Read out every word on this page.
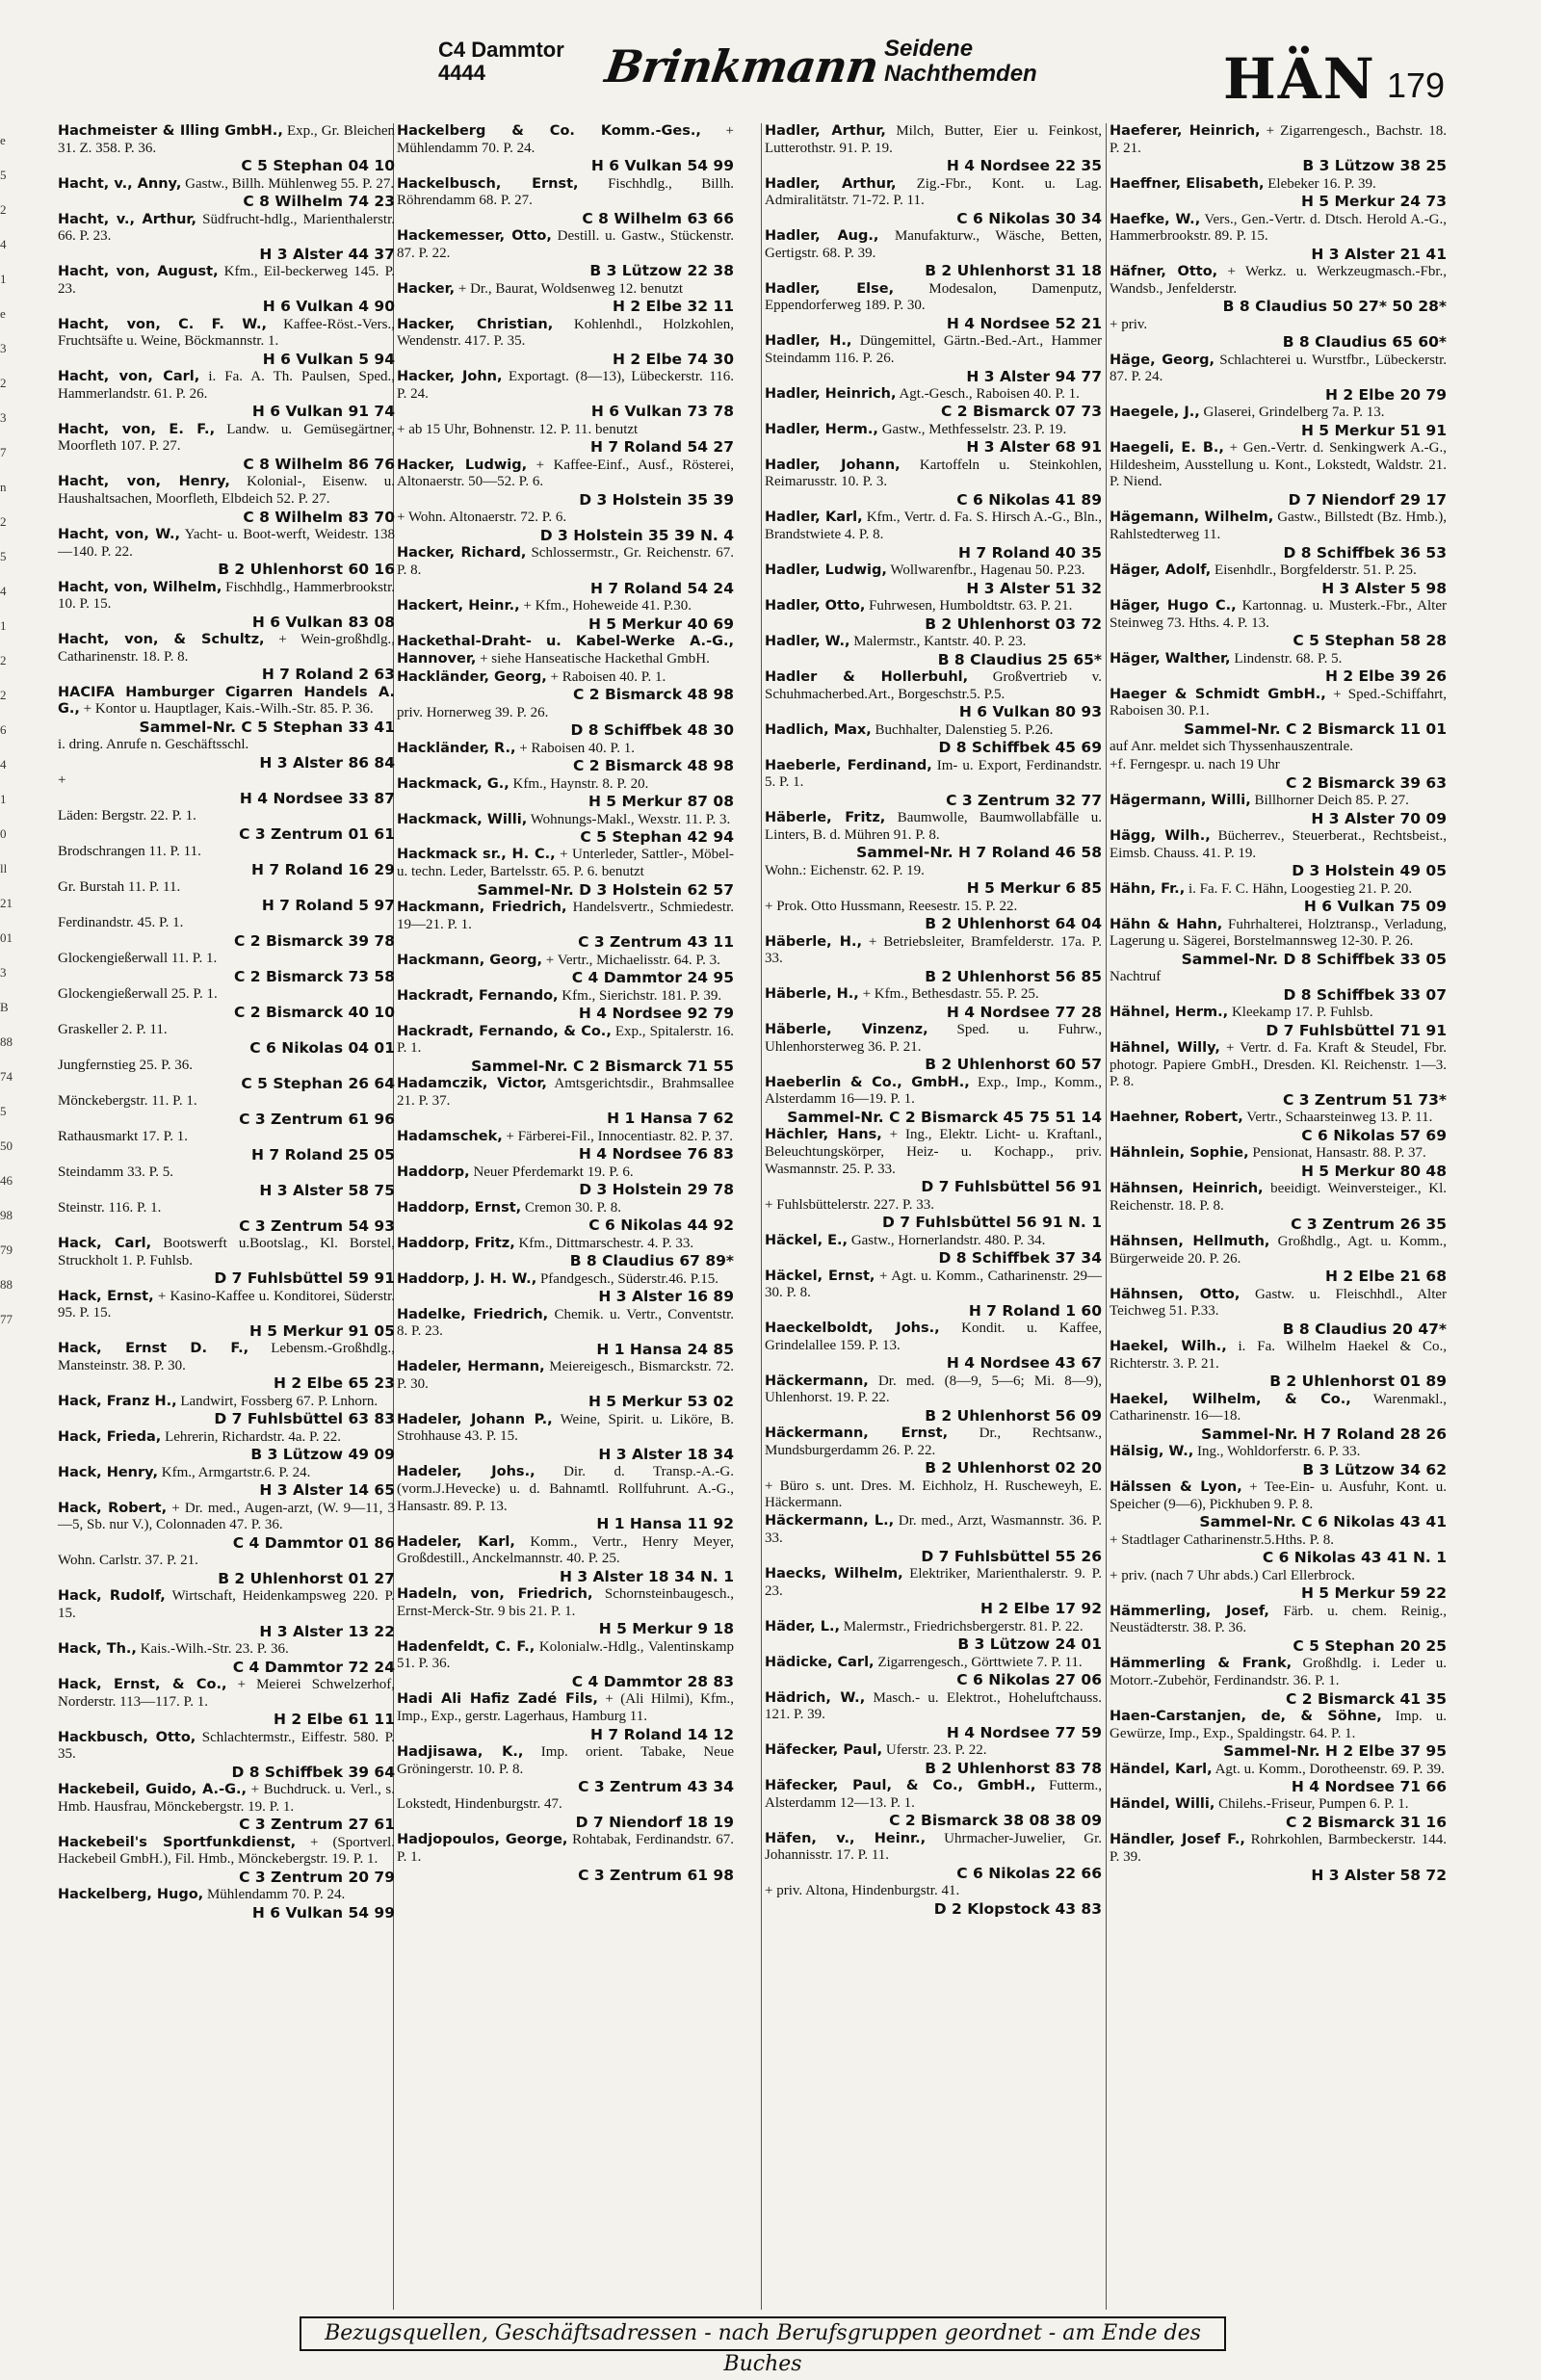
C4 Dammtor
4444	Brinkmann Seidene
Nachthemden	HÄN 179
e
5
2
4
1
e
3
2
3
7
n
2
5
4
1
2
2
6
4
1
0
ll
21
01
3
B
88
74
5
50
46
98
79
88
77
Hachmeister & Illing GmbH., Exp., Gr. Bleichen 31. Z. 358. P. 36.
C 5 Stephan 04 10
Hacht, v., Anny, Gastw., Billh. Mühlenweg 55. P. 27.
C 8 Wilhelm 74 23
Hacht, v., Arthur, Südfrucht-hdlg., Marienthalerstr. 66. P. 23.
H 3 Alster 44 37
Hacht, von, August, Kfm., Eil-beckerweg 145. P. 23.
H 6 Vulkan 4 90
Hacht, von, C. F. W., Kaffee-Röst.-Vers., Fruchtsäfte u. Weine, Böckmannstr. 1.
H 6 Vulkan 5 94
Hacht, von, Carl, i. Fa. A. Th. Paulsen, Sped., Hammerlandstr. 61. P. 26.
H 6 Vulkan 91 74
Hacht, von, E. F., Landw. u. Gemüsegärtner, Moorfleth 107. P. 27.
C 8 Wilhelm 86 76
Hacht, von, Henry, Kolonial-, Eisenw. u. Haushaltsachen, Moorfleth, Elbdeich 52. P. 27.
C 8 Wilhelm 83 70
Hacht, von, W., Yacht- u. Boot-werft, Weidestr. 138—140. P. 22.
B 2 Uhlenhorst 60 16
Hacht, von, Wilhelm, Fischhdlg., Hammerbrookstr. 10. P. 15.
H 6 Vulkan 83 08
Hacht, von, & Schultz, + Wein-großhdlg., Catharinenstr. 18. P. 8.
H 7 Roland 2 63
HACIFA Hamburger Cigarren Handels A. G., + Kontor u. Hauptlager, Kais.-Wilh.-Str. 85. P. 36.
Sammel-Nr. C 5 Stephan 33 41
i. dring. Anrufe n. Geschäftsschl.
H 3 Alster 86 84
+
H 4 Nordsee 33 87
Läden: Bergstr. 22. P. 1.
C 3 Zentrum 01 61
Brodschrangen 11. P. 11.
H 7 Roland 16 29
Gr. Burstah 11. P. 11.
H 7 Roland 5 97
Ferdinandstr. 45. P. 1.
C 2 Bismarck 39 78
Glockengießerwall 11. P. 1.
C 2 Bismarck 73 58
Glockengießerwall 25. P. 1.
C 2 Bismarck 40 10
Graskeller 2. P. 11.
C 6 Nikolas 04 01
Jungfernstieg 25. P. 36.
C 5 Stephan 26 64
Mönckebergstr. 11. P. 1.
C 3 Zentrum 61 96
Rathausmarkt 17. P. 1.
H 7 Roland 25 05
Steindamm 33. P. 5.
H 3 Alster 58 75
Steinstr. 116. P. 1.
C 3 Zentrum 54 93
Hack, Carl, Bootswerft u.Bootslag., Kl. Borstel, Struckholt 1. P. Fuhlsb.
D 7 Fuhlsbüttel 59 91
Hack, Ernst, + Kasino-Kaffee u. Konditorei, Süderstr. 95. P. 15.
H 5 Merkur 91 05
Hack, Ernst D. F., Lebensm.-Großhdlg., Mansteinstr. 38. P. 30.
H 2 Elbe 65 23
Hack, Franz H., Landwirt, Fossberg 67. P. Lnhorn.
D 7 Fuhlsbüttel 63 83
Hack, Frieda, Lehrerin, Richardstr. 4a. P. 22.
B 3 Lützow 49 09
Hack, Henry, Kfm., Armgartstr.6. P. 24.
H 3 Alster 14 65
Hack, Robert, + Dr. med., Augen-arzt, (W. 9—11, 3—5, Sb. nur V.), Colonnaden 47. P. 36.
C 4 Dammtor 01 86
Wohn. Carlstr. 37. P. 21.
B 2 Uhlenhorst 01 27
Hack, Rudolf, Wirtschaft, Heidenkampsweg 220. P. 15.
H 3 Alster 13 22
Hack, Th., Kais.-Wilh.-Str. 23. P. 36.
C 4 Dammtor 72 24
Hack, Ernst, & Co., + Meierei Schwelzerhof, Norderstr. 113—117. P. 1.
H 2 Elbe 61 11
Hackbusch, Otto, Schlachtermstr., Eiffestr. 580. P. 35.
D 8 Schiffbek 39 64
Hackebeil, Guido, A.-G., + Buchdruck. u. Verl., s. Hmb. Hausfrau, Mönckebergstr. 19. P. 1.
C 3 Zentrum 27 61
Hackebeil's Sportfunkdienst, + (Sportverl. Hackebeil GmbH.), Fil. Hmb., Mönckebergstr. 19. P. 1.
C 3 Zentrum 20 79
Hackelberg, Hugo, Mühlendamm 70. P. 24.
H 6 Vulkan 54 99
Hackelberg & Co. Komm.-Ges., + Mühlendamm 70. P. 24.
H 6 Vulkan 54 99
Hackelbusch, Ernst, Fischhdlg., Billh. Röhrendamm 68. P. 27.
C 8 Wilhelm 63 66
Hackemesser, Otto, Destill. u. Gastw., Stückenstr. 87. P. 22.
B 3 Lützow 22 38
Hacker, + Dr., Baurat, Woldsenweg 12. benutzt
H 2 Elbe 32 11
Hacker, Christian, Kohlenhdl., Holzkohlen, Wendenstr. 417. P. 35.
H 2 Elbe 74 30
Hacker, John, Exportagt. (8—13), Lübeckerstr. 116. P. 24.
H 6 Vulkan 73 78
+ ab 15 Uhr, Bohnenstr. 12. P. 11. benutzt
H 7 Roland 54 27
Hacker, Ludwig, + Kaffee-Einf., Ausf., Rösterei, Altonaerstr. 50—52. P. 6.
D 3 Holstein 35 39
+ Wohn. Altonaerstr. 72. P. 6.
D 3 Holstein 35 39 N. 4
Hacker, Richard, Schlossermstr., Gr. Reichenstr. 67. P. 8.
H 7 Roland 54 24
Hackert, Heinr., + Kfm., Hoheweide 41. P.30.
H 5 Merkur 40 69
Hackethal-Draht- u. Kabel-Werke A.-G., Hannover, + siehe Hanseatische Hackethal GmbH.
Hackländer, Georg, + Raboisen 40. P. 1.
C 2 Bismarck 48 98
priv. Hornerweg 39. P. 26.
D 8 Schiffbek 48 30
Hackländer, R., + Raboisen 40. P. 1.
C 2 Bismarck 48 98
Hackmack, G., Kfm., Haynstr. 8. P. 20.
H 5 Merkur 87 08
Hackmack, Willi, Wohnungs-Makl., Wexstr. 11. P. 3.
C 5 Stephan 42 94
Hackmack sr., H. C., + Unterleder, Sattler-, Möbel- u. techn. Leder, Bartelsstr. 65. P. 6. benutzt
Sammel-Nr. D 3 Holstein 62 57
Hackmann, Friedrich, Handelsvertr., Schmiedestr. 19—21. P. 1.
C 3 Zentrum 43 11
Hackmann, Georg, + Vertr., Michaelisstr. 64. P. 3.
C 4 Dammtor 24 95
Hackradt, Fernando, Kfm., Sierichstr. 181. P. 39.
H 4 Nordsee 92 79
Hackradt, Fernando, & Co., Exp., Spitalerstr. 16. P. 1.
Sammel-Nr. C 2 Bismarck 71 55
Hadamczik, Victor, Amtsgerichtsdir., Brahmsallee 21. P. 37.
H 1 Hansa 7 62
Hadamschek, + Färberei-Fil., Innocentiastr. 82. P. 37.
H 4 Nordsee 76 83
Haddorp, Neuer Pferdemarkt 19. P. 6.
D 3 Holstein 29 78
Haddorp, Ernst, Cremon 30. P. 8.
C 6 Nikolas 44 92
Haddorp, Fritz, Kfm., Dittmarschestr. 4. P. 33.
B 8 Claudius 67 89*
Haddorp, J. H. W., Pfandgesch., Süderstr.46. P.15.
H 3 Alster 16 89
Hadelke, Friedrich, Chemik. u. Vertr., Conventstr. 8. P. 23.
H 1 Hansa 24 85
Hadeler, Hermann, Meiereigesch., Bismarckstr. 72. P. 30.
H 5 Merkur 53 02
Hadeler, Johann P., Weine, Spirit. u. Liköre, B. Strohhause 43. P. 15.
H 3 Alster 18 34
Hadeler, Johs., Dir. d. Transp.-A.-G. (vorm.J.Hevecke) u. d. Bahnamtl. Rollfuhrunt. A.-G., Hansastr. 89. P. 13.
H 1 Hansa 11 92
Hadeler, Karl, Komm., Vertr., Henry Meyer, Großdestill., Anckelmannstr. 40. P. 25.
H 3 Alster 18 34 N. 1
Hadeln, von, Friedrich, Schornsteinbaugesch., Ernst-Merck-Str. 9 bis 21. P. 1.
H 5 Merkur 9 18
Hadenfeldt, C. F., Kolonialw.-Hdlg., Valentinskamp 51. P. 36.
C 4 Dammtor 28 83
Hadi Ali Hafiz Zadé Fils, + (Ali Hilmi), Kfm., Imp., Exp., gerstr. Lagerhaus, Hamburg 11.
H 7 Roland 14 12
Hadjisawa, K., Imp. orient. Tabake, Neue Gröningerstr. 10. P. 8.
C 3 Zentrum 43 34
Lokstedt, Hindenburgstr. 47.
D 7 Niendorf 18 19
Hadjopoulos, George, Rohtabak, Ferdinandstr. 67. P. 1.
C 3 Zentrum 61 98
Hadler, Arthur, Milch, Butter, Eier u. Feinkost, Lutterothstr. 91. P. 19.
H 4 Nordsee 22 35
Hadler, Arthur, Zig.-Fbr., Kont. u. Lag. Admiralitätstr. 71-72. P. 11.
C 6 Nikolas 30 34
Hadler, Aug., Manufakturw., Wäsche, Betten, Gertigstr. 68. P. 39.
B 2 Uhlenhorst 31 18
Hadler, Else, Modesalon, Damenputz, Eppendorferweg 189. P. 30.
H 4 Nordsee 52 21
Hadler, H., Düngemittel, Gärtn.-Bed.-Art., Hammer Steindamm 116. P. 26.
H 3 Alster 94 77
Hadler, Heinrich, Agt.-Gesch., Raboisen 40. P. 1.
C 2 Bismarck 07 73
Hadler, Herm., Gastw., Methfesselstr. 23. P. 19.
H 3 Alster 68 91
Hadler, Johann, Kartoffeln u. Steinkohlen, Reimarusstr. 10. P. 3.
C 6 Nikolas 41 89
Hadler, Karl, Kfm., Vertr. d. Fa. S. Hirsch A.-G., Bln., Brandstwiete 4. P. 8.
H 7 Roland 40 35
Hadler, Ludwig, Wollwarenfbr., Hagenau 50. P.23.
H 3 Alster 51 32
Hadler, Otto, Fuhrwesen, Humboldtstr. 63. P. 21.
B 2 Uhlenhorst 03 72
Hadler, W., Malermstr., Kantstr. 40. P. 23.
B 8 Claudius 25 65*
Hadler & Hollerbuhl, Großvertrieb v. Schuhmacherbed.Art., Borgeschstr.5. P.5.
H 6 Vulkan 80 93
Hadlich, Max, Buchhalter, Dalenstieg 5. P.26.
D 8 Schiffbek 45 69
Haeberle, Ferdinand, Im- u. Export, Ferdinandstr. 5. P. 1.
C 3 Zentrum 32 77
Häberle, Fritz, Baumwolle, Baumwollabfälle u. Linters, B. d. Mühren 91. P. 8.
Sammel-Nr. H 7 Roland 46 58
Wohn.: Eichenstr. 62. P. 19.
H 5 Merkur 6 85
+ Prok. Otto Hussmann, Reesestr. 15. P. 22.
B 2 Uhlenhorst 64 04
Häberle, H., + Betriebsleiter, Bramfelderstr. 17a. P. 33.
B 2 Uhlenhorst 56 85
Häberle, H., + Kfm., Bethesdastr. 55. P. 25.
H 4 Nordsee 77 28
Häberle, Vinzenz, Sped. u. Fuhrw., Uhlenhorsterweg 36. P. 21.
B 2 Uhlenhorst 60 57
Haeberlin & Co., GmbH., Exp., Imp., Komm., Alsterdamm 16—19. P. 1.
Sammel-Nr. C 2 Bismarck 45 75 51 14
Hächler, Hans, + Ing., Elektr. Licht- u. Kraftanl., Beleuchtungskörper, Heiz- u. Kochapp., priv. Wasmannstr. 25. P. 33.
D 7 Fuhlsbüttel 56 91
+ Fuhlsbüttelerstr. 227. P. 33.
D 7 Fuhlsbüttel 56 91 N. 1
Häckel, E., Gastw., Hornerlandstr. 480. P. 34.
D 8 Schiffbek 37 34
Häckel, Ernst, + Agt. u. Komm., Catharinenstr. 29—30. P. 8.
H 7 Roland 1 60
Haeckelboldt, Johs., Kondit. u. Kaffee, Grindelallee 159. P. 13.
H 4 Nordsee 43 67
Häckermann, Dr. med. (8—9, 5—6; Mi. 8—9), Uhlenhorst. 19. P. 22.
B 2 Uhlenhorst 56 09
Häckermann, Ernst, Dr., Rechtsanw., Mundsburgerdamm 26. P. 22.
B 2 Uhlenhorst 02 20
+ Büro s. unt. Dres. M. Eichholz, H. Ruscheweyh, E. Häckermann.
Häckermann, L., Dr. med., Arzt, Wasmannstr. 36. P. 33.
D 7 Fuhlsbüttel 55 26
Haecks, Wilhelm, Elektriker, Marienthalerstr. 9. P. 23.
H 2 Elbe 17 92
Häder, L., Malermstr., Friedrichsbergerstr. 81. P. 22.
B 3 Lützow 24 01
Hädicke, Carl, Zigarrengesch., Görttwiete 7. P. 11.
C 6 Nikolas 27 06
Hädrich, W., Masch.- u. Elektrot., Hoheluftchauss. 121. P. 39.
H 4 Nordsee 77 59
Häfecker, Paul, Uferstr. 23. P. 22.
B 2 Uhlenhorst 83 78
Häfecker, Paul, & Co., GmbH., Futterm., Alsterdamm 12—13. P. 1.
C 2 Bismarck 38 08 38 09
Häfen, v., Heinr., Uhrmacher-Juwelier, Gr. Johannisstr. 17. P. 11.
C 6 Nikolas 22 66
+ priv. Altona, Hindenburgstr. 41.
D 2 Klopstock 43 83
Haeferer, Heinrich, + Zigarrengesch., Bachstr. 18. P. 21.
B 3 Lützow 38 25
Haeffner, Elisabeth, Elebeker 16. P. 39.
H 5 Merkur 24 73
Haefke, W., Vers., Gen.-Vertr. d. Dtsch. Herold A.-G., Hammerbrookstr. 89. P. 15.
H 3 Alster 21 41
Häfner, Otto, + Werkz. u. Werkzeugmasch.-Fbr., Wandsb., Jenfelderstr.
B 8 Claudius 50 27* 50 28*
+ priv.
B 8 Claudius 65 60*
Häge, Georg, Schlachterei u. Wurstfbr., Lübeckerstr. 87. P. 24.
H 2 Elbe 20 79
Haegele, J., Glaserei, Grindelberg 7a. P. 13.
H 5 Merkur 51 91
Haegeli, E. B., + Gen.-Vertr. d. Senkingwerk A.-G., Hildesheim, Ausstellung u. Kont., Lokstedt, Waldstr. 21. P. Niend.
D 7 Niendorf 29 17
Hägemann, Wilhelm, Gastw., Billstedt (Bz. Hmb.), Rahlstedterweg 11.
D 8 Schiffbek 36 53
Häger, Adolf, Eisenhdlr., Borgfelderstr. 51. P. 25.
H 3 Alster 5 98
Häger, Hugo C., Kartonnag. u. Musterk.-Fbr., Alter Steinweg 73. Hths. 4. P. 13.
C 5 Stephan 58 28
Häger, Walther, Lindenstr. 68. P. 5.
H 2 Elbe 39 26
Haeger & Schmidt GmbH., + Sped.-Schiffahrt, Raboisen 30. P.1.
Sammel-Nr. C 2 Bismarck 11 01
auf Anr. meldet sich Thyssenhauszentrale.
+f. Ferngespr. u. nach 19 Uhr
C 2 Bismarck 39 63
Hägermann, Willi, Billhorner Deich 85. P. 27.
H 3 Alster 70 09
Hägg, Wilh., Bücherrev., Steuerberat., Rechtsbeist., Eimsb. Chauss. 41. P. 19.
D 3 Holstein 49 05
Hähn, Fr., i. Fa. F. C. Hähn, Loogestieg 21. P. 20.
H 6 Vulkan 75 09
Hähn & Hahn, Fuhrhalterei, Holztransp., Verladung, Lagerung u. Sägerei, Borstelmannsweg 12-30. P. 26.
Sammel-Nr. D 8 Schiffbek 33 05
Nachtruf
D 8 Schiffbek 33 07
Hähnel, Herm., Kleekamp 17. P. Fuhlsb.
D 7 Fuhlsbüttel 71 91
Hähnel, Willy, + Vertr. d. Fa. Kraft & Steudel, Fbr. photogr. Papiere GmbH., Dresden. Kl. Reichenstr. 1—3. P. 8.
C 3 Zentrum 51 73*
Haehner, Robert, Vertr., Schaarsteinweg 13. P. 11.
C 6 Nikolas 57 69
Hähnlein, Sophie, Pensionat, Hansastr. 88. P. 37.
H 5 Merkur 80 48
Hähnsen, Heinrich, beeidigt. Weinversteiger., Kl. Reichenstr. 18. P. 8.
C 3 Zentrum 26 35
Hähnsen, Hellmuth, Großhdlg., Agt. u. Komm., Bürgerweide 20. P. 26.
H 2 Elbe 21 68
Hähnsen, Otto, Gastw. u. Fleischhdl., Alter Teichweg 51. P.33.
B 8 Claudius 20 47*
Haekel, Wilh., i. Fa. Wilhelm Haekel & Co., Richterstr. 3. P. 21.
B 2 Uhlenhorst 01 89
Haekel, Wilhelm, & Co., Warenmakl., Catharinenstr. 16—18.
Sammel-Nr. H 7 Roland 28 26
Hälsig, W., Ing., Wohldorferstr. 6. P. 33.
B 3 Lützow 34 62
Hälssen & Lyon, + Tee-Ein- u. Ausfuhr, Kont. u. Speicher (9—6), Pickhuben 9. P. 8.
Sammel-Nr. C 6 Nikolas 43 41
+ Stadtlager Catharinenstr.5.Hths. P. 8.
C 6 Nikolas 43 41 N. 1
+ priv. (nach 7 Uhr abds.) Carl Ellerbrock.
H 5 Merkur 59 22
Hämmerling, Josef, Färb. u. chem. Reinig., Neustädterstr. 38. P. 36.
C 5 Stephan 20 25
Hämmerling & Frank, Großhdlg. i. Leder u. Motorr.-Zubehör, Ferdinandstr. 36. P. 1.
C 2 Bismarck 41 35
Haen-Carstanjen, de, & Söhne, Imp. u. Gewürze, Imp., Exp., Spaldingstr. 64. P. 1.
Sammel-Nr. H 2 Elbe 37 95
Händel, Karl, Agt. u. Komm., Dorotheenstr. 69. P. 39.
H 4 Nordsee 71 66
Händel, Willi, Chilehs.-Friseur, Pumpen 6. P. 1.
C 2 Bismarck 31 16
Händler, Josef F., Rohrkohlen, Barmbeckerstr. 144. P. 39.
H 3 Alster 58 72
Bezugsquellen, Geschäftsadressen - nach Berufsgruppen geordnet - am Ende des Buches
